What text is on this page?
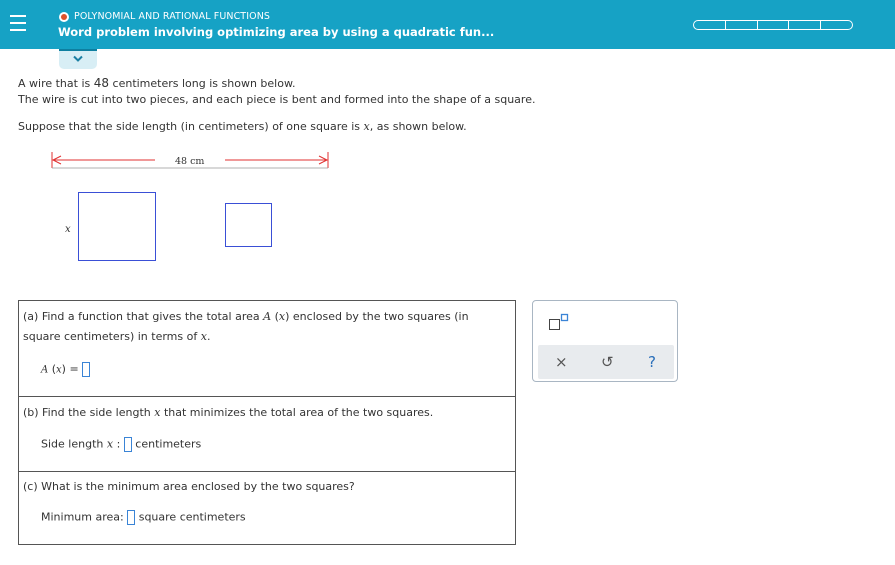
POLYNOMIAL AND RATIONAL FUNCTIONS
Word problem involving optimizing area by using a quadratic fun...
A wire that is 48 centimeters long is shown below.
The wire is cut into two pieces, and each piece is bent and formed into the shape of a square.
Suppose that the side length (in centimeters) of one square is x, as shown below.
48 cm
x
(a) Find a function that gives the total area A (x) enclosed by the two squares (in
square centimeters) in terms of x.
A (x) =
(b) Find the side length x that minimizes the total area of the two squares.
Side length x : centimeters
(c) What is the minimum area enclosed by the two squares?
Minimum area: square centimeters
× ↺ ?
